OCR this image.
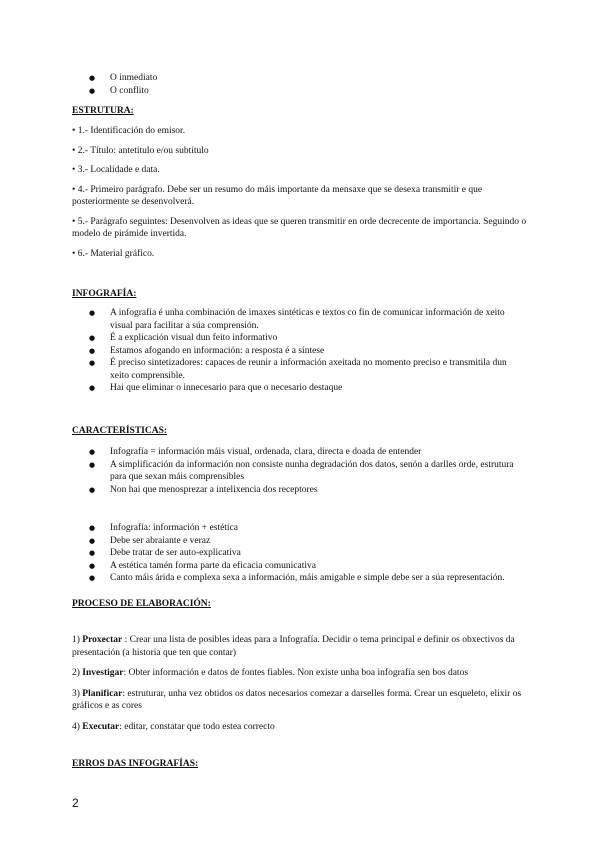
● O inmediato
● O conflito

ESTRUTURA:

• 1.- Identificación do emisor.
• 2.- Título: antetítulo e/ou subtítulo
• 3.- Localidade e data.
• 4.- Primeiro parágrafo. Debe ser un resumo do máis importante da mensaxe que se desexa transmitir e que posteriormente se desenvolverá.
• 5.- Parágrafo seguintes: Desenvolven as ideas que se queren transmitir en orde decrecente de importancia. Seguindo o modelo de pirámide invertida.
• 6.- Material gráfico.

INFOGRAFÍA:

● A infografía é unha combinación de imaxes sintéticas e textos co fin de comunicar información de xeito visual para facilitar a súa comprensión.
● É a explicación visual dun feito informativo
● Estamos afogando en información: a resposta é a síntese
● É preciso sintetizadores: capaces de reunir a información axeitada no momento preciso e transmitila dun xeito comprensible.
● Hai que eliminar o innecesario para que o necesario destaque

CARACTERÍSTICAS:

● Infografía = información máis visual, ordenada, clara, directa e doada de entender
● A simplificación da información non consiste nunha degradación dos datos, senón a darlles orde, estrutura para que sexan máis comprensibles
● Non hai que menosprezar a intelixencia dos receptores
● Infografía: información + estética
● Debe ser abraiante e veraz
● Debe tratar de ser auto-explicativa
● A estética tamén forma parte da eficacia comunicativa
● Canto máis árida e complexa sexa a información, máis amigable e simple debe ser a súa representación.

PROCESO DE ELABORACIÓN:

1) Proxectar : Crear una lista de posibles ideas para a Infografía. Decidir o tema principal e definir os obxectivos da presentación (a historia que ten que contar)
2) Investigar: Obter información e datos de fontes fiables. Non existe unha boa infografía sen bos datos
3) Planificar: estruturar, unha vez obtidos os datos necesarios comezar a darselles forma. Crear un esqueleto, elixir os gráficos e as cores
4) Executar: editar, constatar que todo estea correcto

ERROS DAS INFOGRAFÍAS:

2
